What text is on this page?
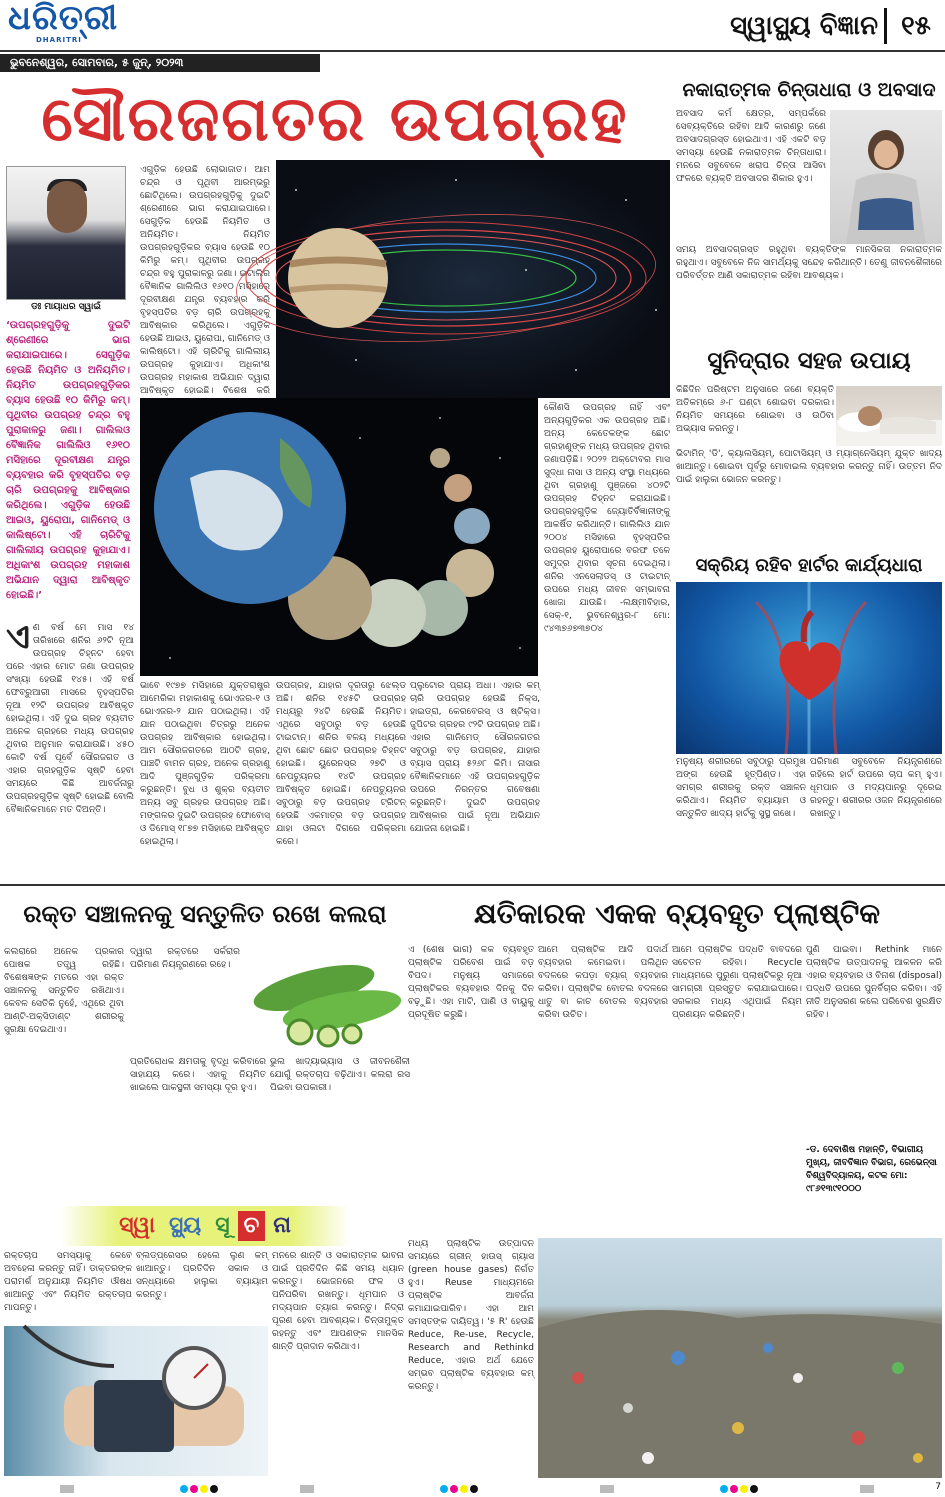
ଧରିତ୍ରୀ
DHARITRI	ସ୍ୱାସ୍ଥ୍ୟ ବିଜ୍ଞାନ ୧୫
ଭୁବନେଶ୍ୱର, ସୋମବାର, ୫ ଜୁନ୍, ୨୦୨୩
ସୌରଜଗତର ଉପଗ୍ରହ
ଡଃ ମାୟାଧର ସ୍ୱାଇଁ
‘ଉପଗ୍ରହଗୁଡ଼ିକୁ ଦୁଇଟି ଶ୍ରେଣୀରେ ଭାଗ କରାଯାଇପାରେ। ସେଗୁଡ଼ିକ ହେଉଛି ନିୟମିତ ଓ ଅନିୟମିତ। ନିୟମିତ ଉପଗ୍ରହଗୁଡ଼ିକର ବ୍ୟାସ ହେଉଛି ୧୦ କିମିରୁ କମ୍। ପୃଥିବୀର ଉପଗ୍ରହ ଚନ୍ଦ୍ର ବହୁ ପୁରାକାଳରୁ ଜଣା। ଗାଲିଲଓ ବୈଜ୍ଞାନିକ ଗାଲିଲିଓ ୧୬୧୦ ମସିହାରେ ଦୂରବୀକ୍ଷଣ ଯନ୍ତ୍ର ବ୍ୟବହାର କରି ବୃହସ୍ପତିର ବଡ଼ ଚାରି ଉପଗ୍ରହକୁ ଆବିଷ୍କାର କରିଥିଲେ। ଏଗୁଡ଼ିକ ହେଉଛି ଆଇଓ, ୟୁରୋପା, ଗାନିମେଡ୍ ଓ କାଲିଷ୍ଟୋ। ଏହି ଚାରିଟିକୁ ଗାଲିଲୀୟ ଉପଗ୍ରହ କୁହାଯାଏ। ଅଧିକାଂଶ ଉପଗ୍ରହ ମହାକାଶ ଅଭିଯାନ ଦ୍ୱାରା ଆବିଷ୍କୃତ ହୋଇଛି।’
ଏଗୁଡ଼ିକ ହେଉଛି ଲୋଭାଜାତ। ଆମ ଚନ୍ଦ୍ର ଓ ପୃଥିବୀ ଆରମ୍ଭରୁ ଛୋଟିଥିଲେ। ଉପଗ୍ରହଗୁଡ଼ିକୁ ଦୁଇଟି ଶ୍ରେଣୀରେ ଭାଗ କରାଯାଇପାରେ। ସେଗୁଡ଼ିକ ହେଉଛି ନିୟମିତ ଓ ଅନିୟମିତ। ନିୟମିତ ଉପଗ୍ରହଗୁଡ଼ିକର ବ୍ୟାସ ହେଉଛି ୧୦ କିମିରୁ କମ୍। ପୃଥିବୀର ଉପଗ୍ରହ ଚନ୍ଦ୍ର ବହୁ ପୁରାକାଳରୁ ଜଣା। ଇଟାଲିର ବୈଜ୍ଞାନିକ ଗାଲିଲିଓ ୧୬୧୦ ମସିହାରେ ଦୂରବୀକ୍ଷଣ ଯନ୍ତ୍ର ବ୍ୟବହାର କରି ବୃହସ୍ପତିର ବଡ଼ ଚାରି ଉପଗ୍ରହକୁ ଆବିଷ୍କାର କରିଥିଲେ। ଏଗୁଡ଼ିକ ହେଉଛି ଆଇଓ, ୟୁରୋପା, ଗାନିମେଡ୍ ଓ କାଲିଷ୍ଟୋ। ଏହି ଚାରିଟିକୁ ଗାଲିଲୀୟ ଉପଗ୍ରହ କୁହାଯାଏ। ଅଧିକାଂଶ ଉପଗ୍ରହ ମହାକାଶ ଅଭିଯାନ ଦ୍ୱାରା ଆବିଷ୍କୃତ ହୋଇଛି। ବିଶେଷ କରି
ଏ ଣ ବର୍ଷ ମେ ମାସ ୧୪ ତାରିଖରେ ଶନିର ୬୨ଟି ନୂଆ ଉପଗ୍ରହ ଚିହ୍ନଟ ହେବା ପରେ ଏହାର ମୋଟ ଜଣା ଉପଗ୍ରହ ସଂଖ୍ୟା ହେଉଛି ୧୪୫। ଏହି ବର୍ଷ ଫେବ୍ରୁଆରୀ ମାସରେ ବୃହସ୍ପତିର ନୂଆ ୧୨ଟି ଉପଗ୍ରହ ଆବିଷ୍କୃତ ହୋଇଥିଲା। ଏହି ଦୁଇ ଗ୍ରହ ବ୍ୟତୀତ ଅନେକ ଗ୍ରହରେ ମଧ୍ୟ ଉପଗ୍ରହ ଥିବାର ଅନୁମାନ କରାଯାଉଛି। ୪୫୦ କୋଟି ବର୍ଷ ପୂର୍ବେ ସୌରଜଗତ ଓ ଏହାର ଗ୍ରହଗୁଡ଼ିକ ସୃଷ୍ଟି ହେବା ସମୟରେ କିଛି ଆବର୍ଜନାରୁ ଉପଗ୍ରହଗୁଡ଼ିକ ସୃଷ୍ଟି ହୋଇଛି ବୋଲି ବୈଜ୍ଞାନିକମାନେ ମତ ଦିଅନ୍ତି।
ଭାବେ ୧୯୭୭ ମସିହାରେ ଯୁକ୍ତରାଷ୍ଟ୍ର ଆମେରିକା ମହାକାଶକୁ ଭୋଏଜର-୧ ଓ ଭୋଏଜର-୨ ଯାନ ପଠାଇଥିଲା। ଏହି ଯାନ ପଠାଇଥିବା ଚିତ୍ରରୁ ଅନେକ ଉପଗ୍ରହ ଆବିଷ୍କାର ହୋଇଥିଲା। ଆମ ସୌରଜଗତରେ ଆଠଟି ଗ୍ରହ, ପାଞ୍ଚଟି ବାମନ ଗ୍ରହ, ଅନେକ ଗ୍ରହାଣୁ ଆଦି ପୁଞ୍ଜଗୁଡ଼ିକ ପରିକ୍ରମା କରୁଛନ୍ତି। ବୁଧ ଓ ଶୁକ୍ର ବ୍ୟତୀତ ଅନ୍ୟ ସବୁ ଗ୍ରହର ଉପଗ୍ରହ ଅଛି। ମଙ୍ଗଳର ଦୁଇଟି ଉପଗ୍ରହ ଫୋବୋସ୍ ଓ ଡିମୋସ୍ ୧୮୭୭ ମସିହାରେ ଆବିଷ୍କୃତ ହୋଇଥିଲା।
ଉପଗ୍ରହ, ଯାହାର ଦୂରତାରୁ ଝେଲ୍ଡ ଅଛି। ଶନିର ୧୪୫ଟି ଉପଗ୍ରହ ମଧ୍ୟରୁ ୨୪ଟି ହେଉଛି ନିୟମିତ। ଏଥିରେ ସବୁଠାରୁ ବଡ଼ ହେଉଛି ଟାଇଟାନ୍। ଶନିର ବଳୟ ମଧ୍ୟରେ ଥିବା ଛୋଟ ଛୋଟ ଉପଗ୍ରହ ଚିହ୍ନଟ ହୋଇଛି। ୟୁରେନସ୍‌ର ୨୭ଟି ଓ ନେପଚ୍ୟୁନର ୧୪ଟି ଉପଗ୍ରହ ଆବିଷ୍କୃତ ହୋଇଛି। ନେପଚ୍ୟୁନର ସବୁଠାରୁ ବଡ଼ ଉପଗ୍ରହ ଟ୍ରିଟନ୍ ହେଉଛି ଏକମାତ୍ର ବଡ଼ ଉପଗ୍ରହ ଯାହା ଓଲଟା ଦିଗରେ ପରିକ୍ରମା କରେ।
ପ୍ଲୁଟୋର ପ୍ରାୟ ଅଧା। ଏହାର କମ୍ ଚାରି ଉପଗ୍ରହ ହେଉଛି ନିକ୍ସ, ହାଇଡ୍ରା, କେରବେରସ୍ ଓ ଷ୍ଟିକ୍ସ। ଜୁପିଟର ଗ୍ରହର ୯୨ଟି ଉପଗ୍ରହ ଅଛି। ଏହାର ଗାନିମେଡ୍ ସୌରଜଗତର ସବୁଠାରୁ ବଡ଼ ଉପଗ୍ରହ, ଯାହାର ବ୍ୟାସ ପ୍ରାୟ ୫୨୬୮ କିମି। ନାସାର ବୈଜ୍ଞାନିକମାନେ ଏହି ଉପଗ୍ରହଗୁଡ଼ିକ ଉପରେ ନିରନ୍ତର ଗବେଷଣା କରୁଛନ୍ତି। ଦୁଇଟି ଉପଗ୍ରହ ଆବିଷ୍କାର ପାଇଁ ନୂଆ ଅଭିଯାନ ଯୋଜନା ହୋଇଛି।
କୌଣସି ଉପଗ୍ରହ ନାହିଁ ଏବଂ ଅନ୍ୟଗୁଡ଼ିକର ଏକ ଉପଗ୍ରହ ଅଛି। ଅନ୍ୟ କେତେକଙ୍କ ଛୋଟ ଗ୍ରହାଣୁଙ୍କ ମଧ୍ୟ ଉପଗ୍ରହ ଥିବାର ଜଣାପଡ଼ିଛି। ୨୦୨୨ ଅକ୍ଟୋବର ମାସ ସୁଦ୍ଧା ନାସା ଓ ଅନ୍ୟ ସଂସ୍ଥା ମଧ୍ୟରେ ଥିବା ଗ୍ରହାଣୁ ପୁଞ୍ଜରେ ୪୦୨ଟି ଉପଗ୍ରହ ଚିହ୍ନଟ କରାଯାଇଛି। ଉପଗ୍ରହଗୁଡ଼ିକ ଜ୍ୟୋତିର୍ବିଜ୍ଞାନୀଙ୍କୁ ଆକର୍ଷିତ କରିଥାନ୍ତି। ଗାଲିଲିଓ ଯାନ ୨୦୦୪ ମସିହାରେ ବୃହସ୍ପତିର ଉପଗ୍ରହ ୟୁରୋପାରେ ବରଫ ତଳେ ସମୁଦ୍ର ଥିବାର ସୂଚନା ଦେଇଥିଲା। ଶନିର ଏନସେଲାଡସ୍ ଓ ଟାଇଟାନ୍ ଉପରେ ମଧ୍ୟ ଜୀବନ ସମ୍ଭାବନା ଖୋଜା ଯାଉଛି। -ଲକ୍ଷ୍ମୀବିହାର, ସେକ୍-୧, ଭୁବନେଶ୍ୱର-୮ ମୋ: ୯୪୩୭୬୭୩୭୦୪
ନକାରାତ୍ମକ ଚିନ୍ତାଧାରା ଓ ଅବସାଦ
ଅବସାଦ କର୍ମ କ୍ଷେତ୍ର, ସମ୍ପର୍କରେ ସେବ୍ୟକ୍ତିରେ ରହିବା ଆଦି କାରଣରୁ ଜଣେ ଅବସାଦଗ୍ରସ୍ତ ହୋଇଥାଏ। ଏହି ଏକଟି ବଡ଼ ସମସ୍ୟା ହେଉଛି ନକାରାତ୍ମକ ଚିନ୍ତାଧାରା। ମନରେ ସବୁବେଳେ ଖରାପ ଚିନ୍ତା ଆସିବା ଫଳରେ ବ୍ୟକ୍ତି ଅବସାଦର ଶିକାର ହୁଏ।
ସମୟ ଅବସାଦଗ୍ରସ୍ତ ରହୁଥିବା ବ୍ୟକ୍ତିଙ୍କ ମାନସିକତା ନକାରାତ୍ମକ ରହୁଥାଏ। ସବୁବେଳେ ନିଜ ସାମର୍ଥ୍ୟକୁ ସନ୍ଦେହ କରିଥାନ୍ତି। ତେଣୁ ଜୀବନଶୈଳୀରେ ପରିବର୍ତ୍ତନ ଆଣି ସକାରାତ୍ମକ ରହିବା ଆବଶ୍ୟକ।
ସୁନିଦ୍ରାର ସହଜ ଉପାୟ
କିଛିଦିନ ପରିଷ୍ଟମ ଅନୁସାରେ ଜଣେ ବ୍ୟକ୍ତି ଅତିକମ୍‌ରେ ୬-୮ ଘଣ୍ଟା ଶୋଇବା ଦରକାର। ନିୟମିତ ସମୟରେ ଶୋଇବା ଓ ଉଠିବା ଅଭ୍ୟାସ କରନ୍ତୁ।
ଭିଟାମିନ୍ 'ଡି', କ୍ୟାଲସିୟମ୍, ପୋଟାସିୟମ୍ ଓ ମ୍ୟାଗ୍ନେସିୟମ୍ ଯୁକ୍ତ ଖାଦ୍ୟ ଖାଆନ୍ତୁ। ଶୋଇବା ପୂର୍ବରୁ ମୋବାଇଲ ବ୍ୟବହାର କରନ୍ତୁ ନାହିଁ। ଉତ୍ତମ ନିଦ ପାଇଁ ହାଲୁକା ଭୋଜନ କରନ୍ତୁ।
ସକ୍ରିୟ ରହିବ ହାର୍ଟର କାର୍ଯ୍ୟଧାରା
ମନୁଷ୍ୟ ଶରୀରରେ ସବୁଠାରୁ ପ୍ରମୁଖ ଅଙ୍ଗ ହେଉଛି ହୃତ୍‌ପିଣ୍ଡ। ଏହା ସମଗ୍ର ଶରୀରକୁ ରକ୍ତ ସଞ୍ଚାଳନ କରିଥାଏ। ନିୟମିତ ବ୍ୟାୟାମ ଓ ସନ୍ତୁଳିତ ଖାଦ୍ୟ ହାର୍ଟକୁ ସୁସ୍ଥ ରଖେ।
ପରିମାଣ ସବୁବେଳେ ନିୟନ୍ତ୍ରଣରେ ରହିଲେ ହାର୍ଟ ଉପରେ ଚାପ କମ୍ ହୁଏ। ଧୂମପାନ ଓ ମଦ୍ୟପାନରୁ ଦୂରେଇ ରହନ୍ତୁ। ଶରୀରର ଓଜନ ନିୟନ୍ତ୍ରଣରେ ରଖନ୍ତୁ।
ରକ୍ତ ସଞ୍ଚାଳନକୁ ସନ୍ତୁଳିତ ରଖେ କଲରା
କଲରାରେ ଅନେକ ପ୍ରକାର ପୋଷକ ତତ୍ତ୍ୱ ରହିଛି। ବିଶେଷଜ୍ଞଙ୍କ ମତରେ ଏହା ରକ୍ତ ସଞ୍ଚାଳନକୁ ସନ୍ତୁଳିତ ରଖିଥାଏ। କେବଳ ସେତିକି ନୁହେଁ, ଏଥିରେ ଥିବା ଆଣ୍ଟି-ଅକ୍ସିଡାଣ୍ଟ ଶରୀରକୁ ସୁରକ୍ଷା ଦେଇଥାଏ।
ଦ୍ୱାରା ରକ୍ତରେ ସର୍କରାର ପରିମାଣ ନିୟନ୍ତ୍ରଣରେ ରହେ।
ପ୍ରତିରୋଧକ କ୍ଷମତାକୁ ବୃଦ୍ଧି କରିବାରେ ସାହାଯ୍ୟ କରେ। ଏହାକୁ ନିୟମିତ ଖାଇଲେ ପାକସ୍ଥଳୀ ସମସ୍ୟା ଦୂର ହୁଏ।
ଭୁଲ ଖାଦ୍ୟାଭ୍ୟାସ ଓ ଜୀବନଶୈଳୀ ଯୋଗୁଁ ରକ୍ତଚାପ ବଢ଼ିଥାଏ। କଲରା ରସ ପିଇବା ଉପକାରୀ।
ସ୍ୱା ସ୍ଥ୍ୟ ସୂ ଚ ନା
ରକ୍ତଚାପ ସମସ୍ୟାକୁ କେବେ ଅବହେଳା କରନ୍ତୁ ନାହିଁ। ଡାକ୍ତରଙ୍କ ପରାମର୍ଶ ଅନୁଯାୟୀ ନିୟମିତ ଔଷଧ ଖାଆନ୍ତୁ ଏବଂ ନିୟମିତ ରକ୍ତଚାପ ମାପନ୍ତୁ।
ବ୍ଲଡ୍‌ପ୍ରେସର ହେଲେ ଲୁଣ କମ୍ ଖାଆନ୍ତୁ। ପ୍ରତିଦିନ ସକାଳ ଓ ସନ୍ଧ୍ୟାରେ ହାଲୁକା ବ୍ୟାୟାମ କରନ୍ତୁ।
ମନରେ ଶାନ୍ତି ଓ ସକାରାତ୍ମକ ଭାବନା ପାଇଁ ପ୍ରତିଦିନ କିଛି ସମୟ ଧ୍ୟାନ କରନ୍ତୁ। ଭୋଜନରେ ଫଳ ଓ ପନିପରିବା ରଖନ୍ତୁ। ଧୂମପାନ ଓ ମଦ୍ୟପାନ ତ୍ୟାଗ କରନ୍ତୁ। ନିଦ୍ରା ପୂରଣ ହେବା ଆବଶ୍ୟକ। ଚିନ୍ତାମୁକ୍ତ ରହନ୍ତୁ ଏବଂ ଆପଣଙ୍କ ମାନସିକ ଶାନ୍ତି ପ୍ରଦାନ କରିଥାଏ।
କ୍ଷତିକାରକ ଏକକ ବ୍ୟବହୃତ ପ୍ଲାଷ୍ଟିକ
ଏ (ଶେଷ ଭାଗ) କକ ବ୍ୟବହୃତ ପ୍ଲାଷ୍ଟିକ ପରିବେଶ ପାଇଁ ବଡ଼ ବିପଦ। ମନୁଷ୍ୟ ସମାଜରେ ପ୍ଲାଷ୍ଟିକର ବ୍ୟବହାର ଦିନକୁ ଦିନ ବଢ଼ୁଛି। ଏହା ମାଟି, ପାଣି ଓ ବାୟୁକୁ ପ୍ରଦୂଷିତ କରୁଛି।
ଆମେ ପ୍ଲାଷ୍ଟିକ ଆଦି ପଦାର୍ଥ ବ୍ୟବହାର କମେଇବା। ପଲିଥିନ ବଦଳରେ କପଡ଼ା ବ୍ୟାଗ୍ ବ୍ୟବହାର କରିବା। ପ୍ଲାଷ୍ଟିକ ବୋତଲ ବଦଳରେ ଧାତୁ ବା କାଚ ବୋତଲ ବ୍ୟବହାର କରିବା ଉଚିତ।
ଆମେ ପ୍ଲାଷ୍ଟିକ ପଦ୍ଧତି ବାବଦରେ ସଚେତନ ରହିବା। Recycle ମାଧ୍ୟମରେ ପୁରୁଣା ପ୍ଲାଷ୍ଟିକରୁ ନୂଆ ସାମଗ୍ରୀ ପ୍ରସ୍ତୁତ କରାଯାଇପାରେ। ସରକାର ମଧ୍ୟ ଏଥିପାଇଁ ନିୟମ ପ୍ରଣୟନ କରିଛନ୍ତି।
ପୁଣି ପାଇବା। Rethink ମାନେ ପ୍ଲାଷ୍ଟିକ ଉତ୍ପାଦନକୁ ଆକଳନ କରି ଏହାର ବ୍ୟବହାର ଓ ବିନାଶ (disposal) ପଦ୍ଧତି ଉପରେ ପୁନର୍ବିଚାର କରିବା। ଏହି ନୀତି ଅନୁସରଣ କଲେ ପରିବେଶ ସୁରକ୍ଷିତ ରହିବ।
-ଡ. ଦେବାଶିଷ ମହାନ୍ତି, ବିଭାଗୀୟ ମୁଖ୍ୟ, ଜୀବବିଜ୍ଞାନ ବିଭାଗ, ରେଭେନ୍ସା ବିଶ୍ୱବିଦ୍ୟାଳୟ, କଟକ ମୋ: ୯୮୬୧୩୯୧୦୦୦
ମଧ୍ୟ ପ୍ଲାଷ୍ଟିକ ଉତ୍ପାଦନ ସମୟରେ ଗ୍ରୀନ୍ ହାଉସ୍ ଗ୍ୟାସ (green house gases) ନିର୍ଗତ ହୁଏ। Reuse ମାଧ୍ୟମରେ ପ୍ଲାଷ୍ଟିକ ଆବର୍ଜନା କମାଯାଇପାରିବ। ଏହା ଆମ ସମସ୍ତଙ୍କ ଦାୟିତ୍ୱ। '୫ R' ହେଉଛି Reduce, Re-use, Recycle, Research and Rethinkd Reduce, ଏହାର ଅର୍ଥ ଯେତେ ସମ୍ଭବ ପ୍ଲାଷ୍ଟିକ ବ୍ୟବହାର କମ୍ କରନ୍ତୁ।
7
